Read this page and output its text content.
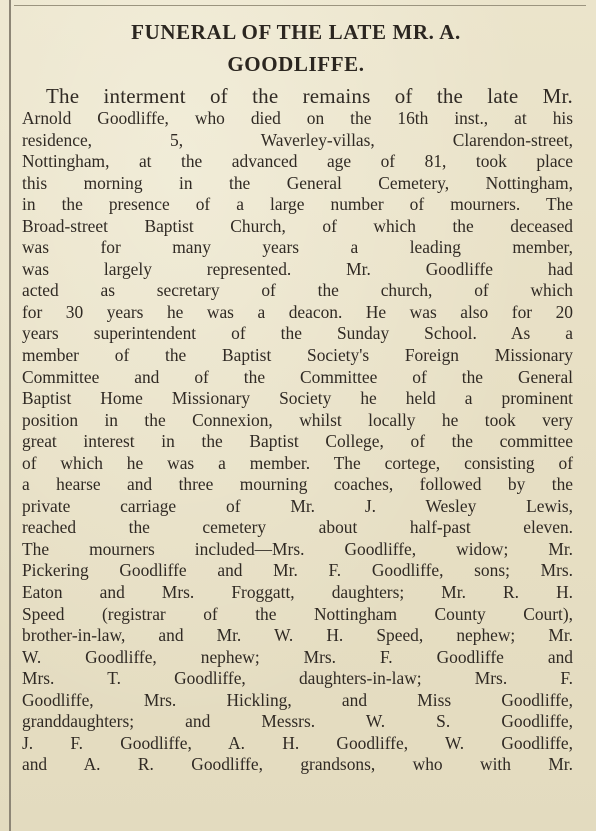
FUNERAL OF THE LATE MR. A.
GOODLIFFE.
The interment of the remains of the late Mr.
Arnold Goodliffe, who died on the 16th inst., at his
residence, 5, Waverley-villas, Clarendon-street,
Nottingham, at the advanced age of 81, took place
this morning in the General Cemetery, Nottingham,
in the presence of a large number of mourners. The
Broad-street Baptist Church, of which the deceased
was for many years a leading member,
was largely represented. Mr. Goodliffe had
acted as secretary of the church, of which
for 30 years he was a deacon. He was also for 20
years superintendent of the Sunday School. As a
member of the Baptist Society's Foreign Missionary
Committee and of the Committee of the General
Baptist Home Missionary Society he held a prominent
position in the Connexion, whilst locally he took very
great interest in the Baptist College, of the committee
of which he was a member. The cortege, consisting of
a hearse and three mourning coaches, followed by the
private carriage of Mr. J. Wesley Lewis,
reached the cemetery about half-past eleven.
The mourners included—Mrs. Goodliffe, widow; Mr.
Pickering Goodliffe and Mr. F. Goodliffe, sons; Mrs.
Eaton and Mrs. Froggatt, daughters; Mr. R. H.
Speed (registrar of the Nottingham County Court),
brother-in-law, and Mr. W. H. Speed, nephew; Mr.
W. Goodliffe, nephew; Mrs. F. Goodliffe and
Mrs. T. Goodliffe, daughters-in-law; Mrs. F.
Goodliffe, Mrs. Hickling, and Miss Goodliffe,
granddaughters; and Messrs. W. S. Goodliffe,
J. F. Goodliffe, A. H. Goodliffe, W. Goodliffe,
and A. R. Goodliffe, grandsons, who with Mr.
